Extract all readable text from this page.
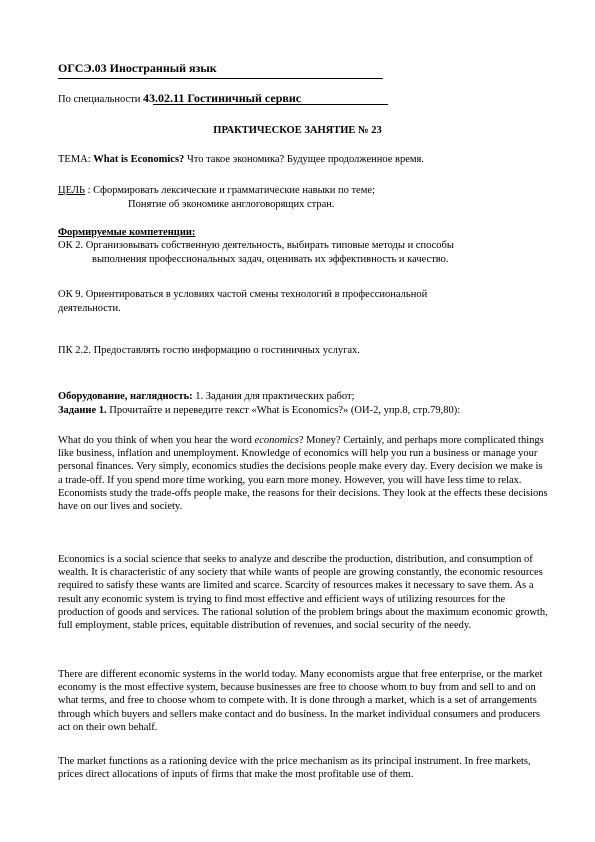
ОГСЭ.03 Иностранный язык
По специальности 43.02.11 Гостиничный сервис
ПРАКТИЧЕСКОЕ ЗАНЯТИЕ № 23
ТЕМА: What is Economics? Что такое экономика? Будущее продолженное время.
ЦЕЛЬ : Сформировать лексические и грамматические навыки по теме;
Понятие об экономике англоговорящих стран.
Формируемые компетенции:
ОК 2. Организовывать собственную деятельность, выбирать типовые методы и способы
выполнения профессиональных задач, оценивать их эффективность и качество.
ОК 9. Ориентироваться в условиях частой смены технологий в профессиональной
деятельности.
ПК 2.2. Предоставлять гостю информацию о гостиничных услугах.
Оборудование, наглядность: 1. Задания для практических работ;
Задание 1. Прочитайте и переведите текст «What is Economics?» (ОИ-2, упр.8, стр.79,80):
What do you think of when you hear the word economics? Money? Certainly, and perhaps more complicated things like business, inflation and unemployment. Knowledge of economics will help you run a business or manage your personal finances. Very simply, economics studies the decisions people make every day. Every decision we make is a trade-off. If you spend more time working, you earn more money. However, you will have less time to relax. Economists study the trade-offs people make, the reasons for their decisions. They look at the effects these decisions have on our lives and society.
Economics is a social science that seeks to analyze and describe the production, distribution, and consumption of wealth. It is characteristic of any society that while wants of people are growing constantly, the economic resources required to satisfy these wants are limited and scarce. Scarcity of resources makes it necessary to save them. As a result any economic system is trying to find most effective and efficient ways of utilizing resources for the production of goods and services. The rational solution of the problem brings about the maximum economic growth, full employment, stable prices, equitable distribution of revenues, and social security of the needy.
There are different economic systems in the world today. Many economists argue that free enterprise, or the market economy is the most effective system, because businesses are free to choose whom to buy from and sell to and on what terms, and free to choose whom to compete with. It is done through a market, which is a set of arrangements through which buyers and sellers make contact and do business. In the market individual consumers and producers act on their own behalf.
The market functions as a rationing device with the price mechanism as its principal instrument. In free markets, prices direct allocations of inputs of firms that make the most profitable use of them.
